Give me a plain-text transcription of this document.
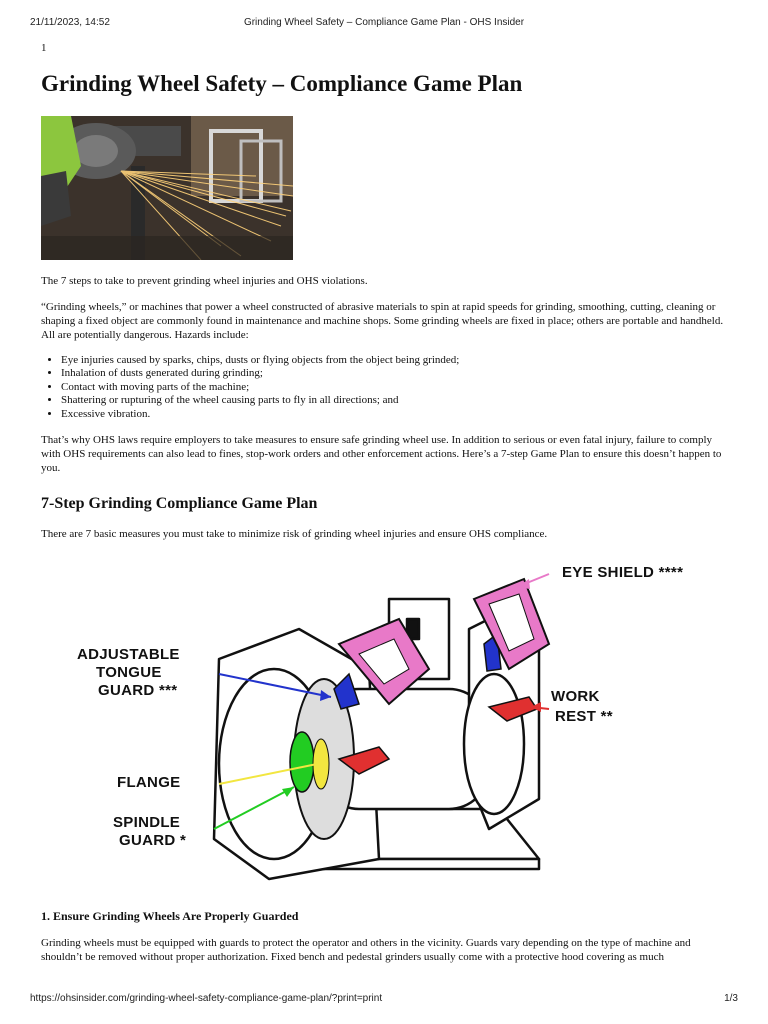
21/11/2023, 14:52	Grinding Wheel Safety – Compliance Game Plan - OHS Insider
1
Grinding Wheel Safety – Compliance Game Plan

The 7 steps to take to prevent grinding wheel injuries and OHS violations.

“Grinding wheels,” or machines that power a wheel constructed of abrasive materials to spin at rapid speeds for grinding, smoothing, cutting, cleaning or shaping a fixed object are commonly found in maintenance and machine shops. Some grinding wheels are fixed in place; others are portable and handheld. All are potentially dangerous. Hazards include:

• Eye injuries caused by sparks, chips, dusts or flying objects from the object being grinded;
• Inhalation of dusts generated during grinding;
• Contact with moving parts of the machine;
• Shattering or rupturing of the wheel causing parts to fly in all directions; and
• Excessive vibration.

That’s why OHS laws require employers to take measures to ensure safe grinding wheel use. In addition to serious or even fatal injury, failure to comply with OHS requirements can also lead to fines, stop-work orders and other enforcement actions. Here’s a 7-step Game Plan to ensure this doesn’t happen to you.

7-Step Grinding Compliance Game Plan

There are 7 basic measures you must take to minimize risk of grinding wheel injuries and ensure OHS compliance.

EYE SHIELD ****
ADJUSTABLE
TONGUE
GUARD ***	WORK
REST **
FLANGE
SPINDLE
GUARD *
1. Ensure Grinding Wheels Are Properly Guarded

Grinding wheels must be equipped with guards to protect the operator and others in the vicinity. Guards vary depending on the type of machine and shouldn’t be removed without proper authorization. Fixed bench and pedestal grinders usually come with a protective hood covering as much

https://ohsinsider.com/grinding-wheel-safety-compliance-game-plan/?print=print	1/3
